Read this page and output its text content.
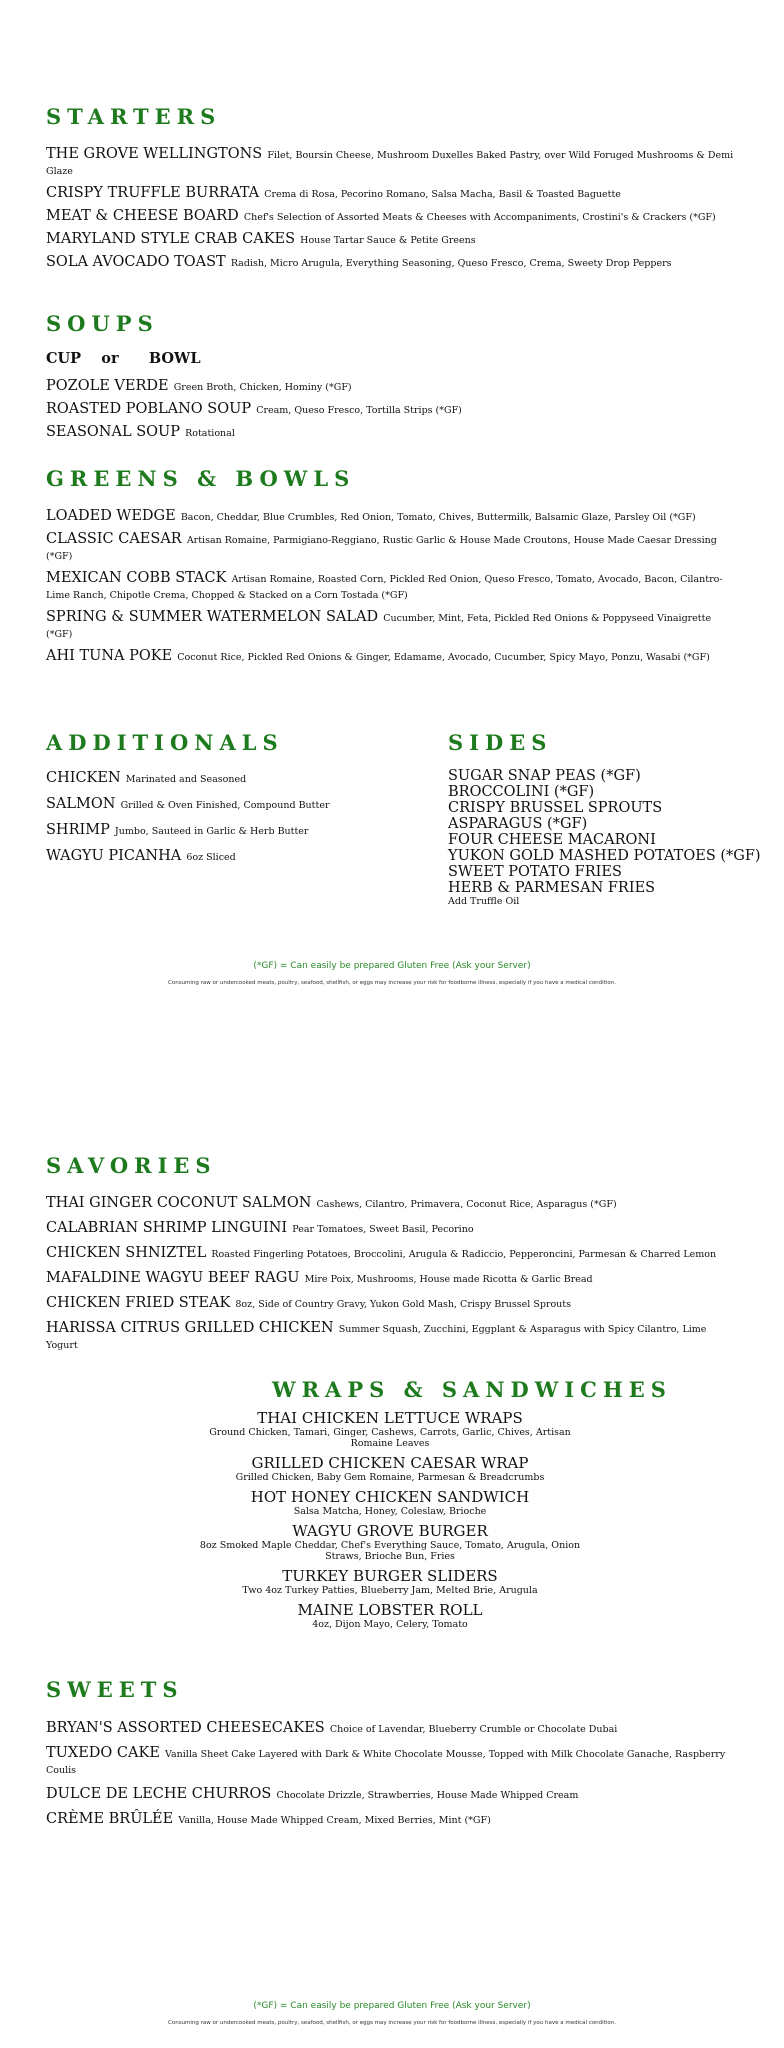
STARTERS
THE GROVE WELLINGTONS Filet, Boursin Cheese, Mushroom Duxelles Baked Pastry, over Wild Foruged Mushrooms & Demi Glaze
CRISPY TRUFFLE BURRATA Crema di Rosa, Pecorino Romano, Salsa Macha, Basil & Toasted Baguette
MEAT & CHEESE BOARD Chef's Selection of Assorted Meats & Cheeses with Accompaniments, Crostini's & Crackers (*GF)
MARYLAND STYLE CRAB CAKES House Tartar Sauce & Petite Greens
SOLA AVOCADO TOAST Radish, Micro Arugula, Everything Seasoning, Queso Fresco, Crema, Sweety Drop Peppers
SOUPS
CUP    or      BOWL
POZOLE VERDE Green Broth, Chicken, Hominy (*GF)
ROASTED POBLANO SOUP Cream, Queso Fresco, Tortilla Strips (*GF)
SEASONAL SOUP Rotational
GREENS & BOWLS
LOADED WEDGE Bacon, Cheddar, Blue Crumbles, Red Onion, Tomato, Chives, Buttermilk, Balsamic Glaze, Parsley Oil (*GF)
CLASSIC CAESAR Artisan Romaine, Parmigiano-Reggiano, Rustic Garlic & House Made Croutons, House Made Caesar Dressing (*GF)
MEXICAN COBB STACK Artisan Romaine, Roasted Corn, Pickled Red Onion, Queso Fresco, Tomato, Avocado, Bacon, Cilantro-Lime Ranch, Chipotle Crema, Chopped & Stacked on a Corn Tostada (*GF)
SPRING & SUMMER WATERMELON SALAD Cucumber, Mint, Feta, Pickled Red Onions & Poppyseed Vinaigrette (*GF)
AHI TUNA POKE Coconut Rice, Pickled Red Onions & Ginger, Edamame, Avocado, Cucumber, Spicy Mayo, Ponzu, Wasabi (*GF)
ADDITIONALS
CHICKEN Marinated and Seasoned
SALMON Grilled & Oven Finished, Compound Butter
SHRIMP Jumbo, Sauteed in Garlic & Herb Butter
WAGYU PICANHA 6oz Sliced
SIDES
SUGAR SNAP PEAS (*GF)
BROCCOLINI (*GF)
CRISPY BRUSSEL SPROUTS
ASPARAGUS (*GF)
FOUR CHEESE MACARONI
YUKON GOLD MASHED POTATOES (*GF)
SWEET POTATO FRIES
HERB & PARMESAN FRIES
Add Truffle Oil
(*GF) = Can easily be prepared Gluten Free (Ask your Server)
Consuming raw or undercooked meats, poultry, seafood, shellfish, or eggs may increase your risk for foodborne illness, especially if you have a medical condition.
SAVORIES
THAI GINGER COCONUT SALMON Cashews, Cilantro, Primavera, Coconut Rice, Asparagus (*GF)
CALABRIAN SHRIMP LINGUINI Pear Tomatoes, Sweet Basil, Pecorino
CHICKEN SHNIZTEL Roasted Fingerling Potatoes, Broccolini, Arugula & Radiccio, Pepperoncini, Parmesan & Charred Lemon
MAFALDINE WAGYU BEEF RAGU Mire Poix, Mushrooms, House made Ricotta & Garlic Bread
CHICKEN FRIED STEAK 8oz, Side of Country Gravy, Yukon Gold Mash, Crispy Brussel Sprouts
HARISSA CITRUS GRILLED CHICKEN Summer Squash, Zucchini, Eggplant & Asparagus with Spicy Cilantro, Lime Yogurt
WRAPS & SANDWICHES
THAI CHICKEN LETTUCE WRAPS
Ground Chicken, Tamari, Ginger, Cashews, Carrots, Garlic, Chives, Artisan Romaine Leaves
GRILLED CHICKEN CAESAR WRAP
Grilled Chicken, Baby Gem Romaine, Parmesan & Breadcrumbs
HOT HONEY CHICKEN SANDWICH
Salsa Matcha, Honey, Coleslaw, Brioche
WAGYU GROVE BURGER
8oz Smoked Maple Cheddar, Chef's Everything Sauce, Tomato, Arugula, Onion Straws, Brioche Bun, Fries
TURKEY BURGER SLIDERS
Two 4oz Turkey Patties, Blueberry Jam, Melted Brie, Arugula
MAINE LOBSTER ROLL
4oz, Dijon Mayo, Celery, Tomato
SWEETS
BRYAN'S ASSORTED CHEESECAKES Choice of Lavendar, Blueberry Crumble or Chocolate Dubai
TUXEDO CAKE Vanilla Sheet Cake Layered with Dark & White Chocolate Mousse, Topped with Milk Chocolate Ganache, Raspberry Coulis
DULCE DE LECHE CHURROS Chocolate Drizzle, Strawberries, House Made Whipped Cream
CRÈME BRÛLÉE Vanilla, House Made Whipped Cream, Mixed Berries, Mint (*GF)
(*GF) = Can easily be prepared Gluten Free (Ask your Server)
Consuming raw or undercooked meats, poultry, seafood, shellfish, or eggs may increase your risk for foodborne illness, especially if you have a medical condition.
